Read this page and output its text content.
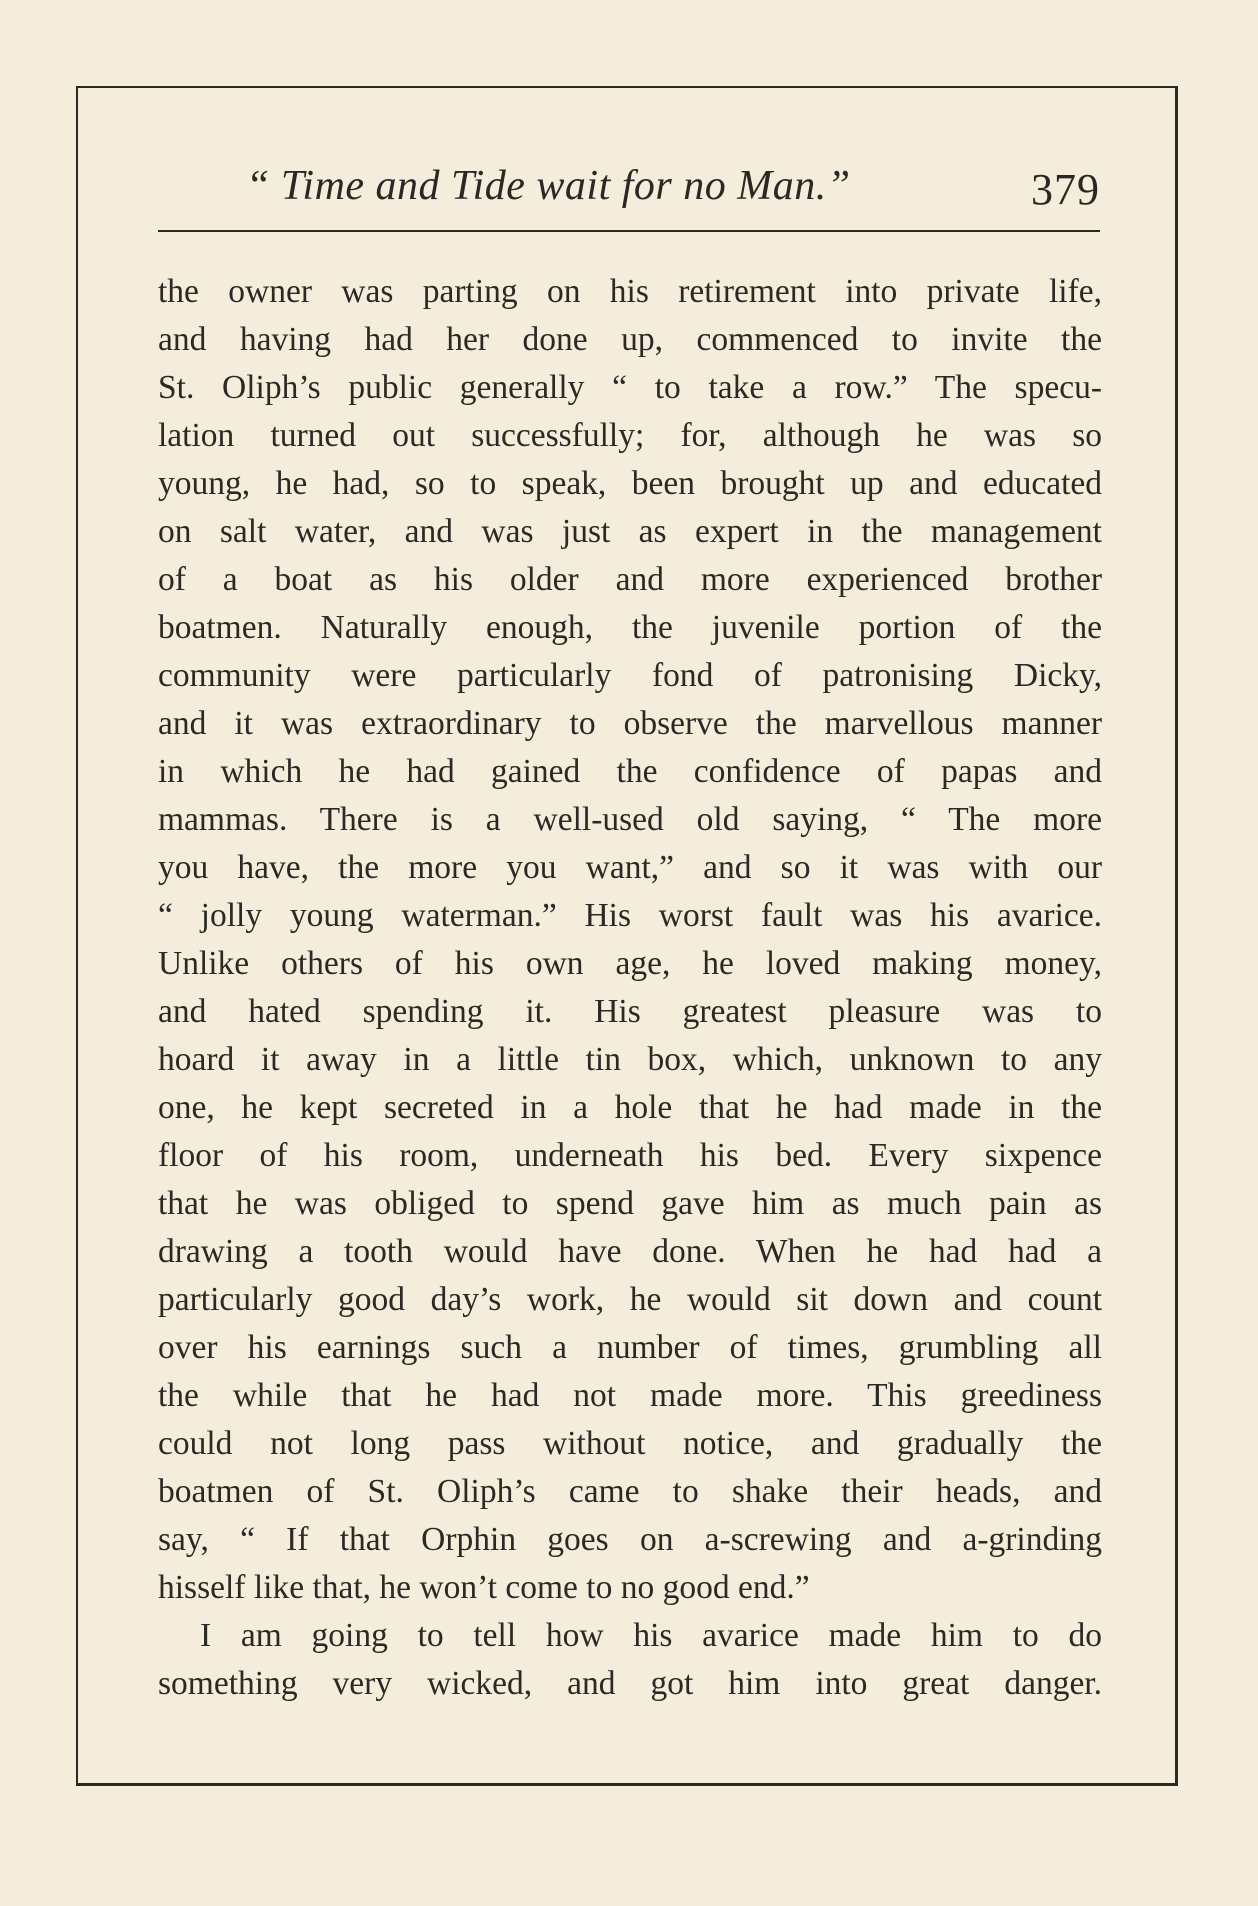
“ Time and Tide wait for no Man.”	379
the owner was parting on his retirement into private life,
and having had her done up, commenced to invite the
St. Oliph’s public generally “ to take a row.” The specu-
lation turned out successfully; for, although he was so
young, he had, so to speak, been brought up and educated
on salt water, and was just as expert in the management
of a boat as his older and more experienced brother
boatmen. Naturally enough, the juvenile portion of the
community were particularly fond of patronising Dicky,
and it was extraordinary to observe the marvellous manner
in which he had gained the confidence of papas and
mammas. There is a well-used old saying, “ The more
you have, the more you want,” and so it was with our
“ jolly young waterman.” His worst fault was his avarice.
Unlike others of his own age, he loved making money,
and hated spending it. His greatest pleasure was to
hoard it away in a little tin box, which, unknown to any
one, he kept secreted in a hole that he had made in the
floor of his room, underneath his bed. Every sixpence
that he was obliged to spend gave him as much pain as
drawing a tooth would have done. When he had had a
particularly good day’s work, he would sit down and count
over his earnings such a number of times, grumbling all
the while that he had not made more. This greediness
could not long pass without notice, and gradually the
boatmen of St. Oliph’s came to shake their heads, and
say, “ If that Orphin goes on a-screwing and a-grinding
hisself like that, he won’t come to no good end.”
I am going to tell how his avarice made him to do
something very wicked, and got him into great danger.
